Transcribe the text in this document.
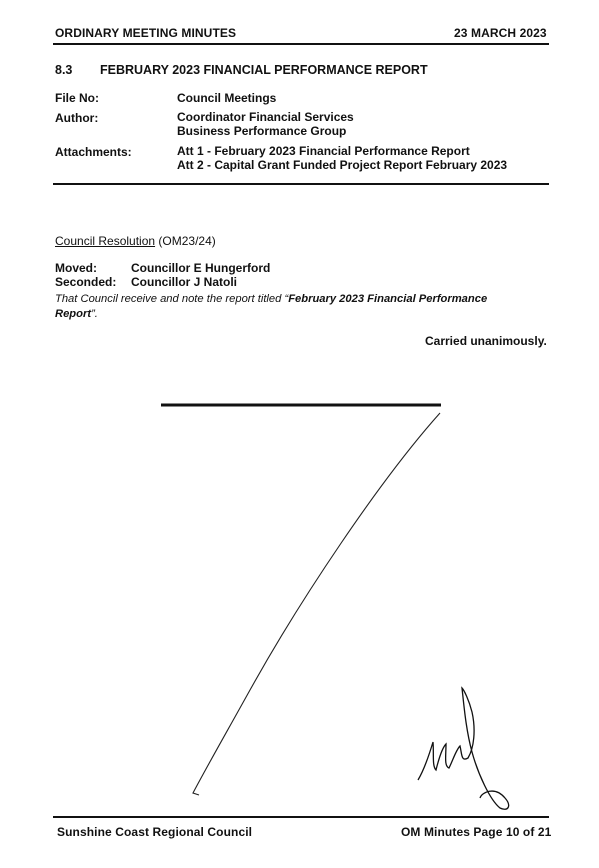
ORDINARY MEETING MINUTES	23 MARCH 2023
8.3 FEBRUARY 2023 FINANCIAL PERFORMANCE REPORT
File No:	Council Meetings
Author:	Coordinator Financial Services
Business Performance Group
Attachments:	Att 1 - February 2023 Financial Performance Report
Att 2 - Capital Grant Funded Project Report February 2023
Council Resolution (OM23/24)
Moved:	Councillor E Hungerford
Seconded: Councillor J Natoli
That Council receive and note the report titled “February 2023 Financial Performance Report”.
Carried unanimously.
Sunshine Coast Regional Council	OM Minutes Page 10 of 21
